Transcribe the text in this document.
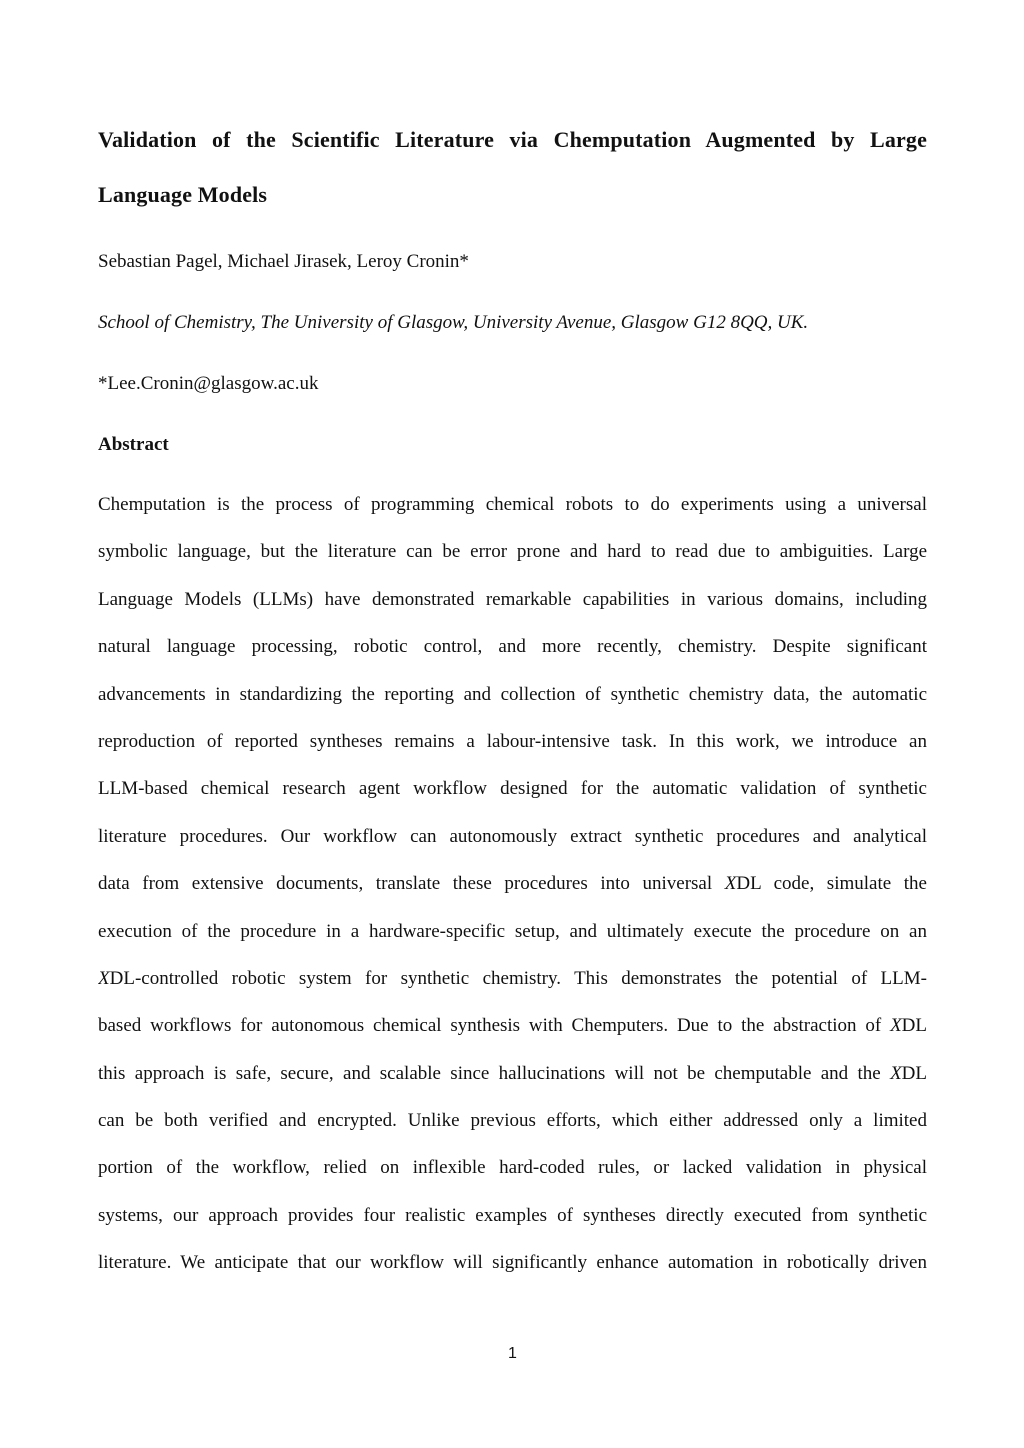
Validation of the Scientific Literature via Chemputation Augmented by Large Language Models

Sebastian Pagel, Michael Jirasek, Leroy Cronin*

School of Chemistry, The University of Glasgow, University Avenue, Glasgow G12 8QQ, UK.

*Lee.Cronin@glasgow.ac.uk

Abstract
Chemputation is the process of programming chemical robots to do experiments using a universal
symbolic language, but the literature can be error prone and hard to read due to ambiguities. Large
Language Models (LLMs) have demonstrated remarkable capabilities in various domains, including
natural language processing, robotic control, and more recently, chemistry. Despite significant
advancements in standardizing the reporting and collection of synthetic chemistry data, the automatic
reproduction of reported syntheses remains a labour-intensive task. In this work, we introduce an
LLM-based chemical research agent workflow designed for the automatic validation of synthetic
literature procedures. Our workflow can autonomously extract synthetic procedures and analytical
data from extensive documents, translate these procedures into universal XDL code, simulate the
execution of the procedure in a hardware-specific setup, and ultimately execute the procedure on an
XDL-controlled robotic system for synthetic chemistry. This demonstrates the potential of LLM-
based workflows for autonomous chemical synthesis with Chemputers. Due to the abstraction of XDL
this approach is safe, secure, and scalable since hallucinations will not be chemputable and the XDL
can be both verified and encrypted. Unlike previous efforts, which either addressed only a limited
portion of the workflow, relied on inflexible hard-coded rules, or lacked validation in physical
systems, our approach provides four realistic examples of syntheses directly executed from synthetic
literature. We anticipate that our workflow will significantly enhance automation in robotically driven
1
